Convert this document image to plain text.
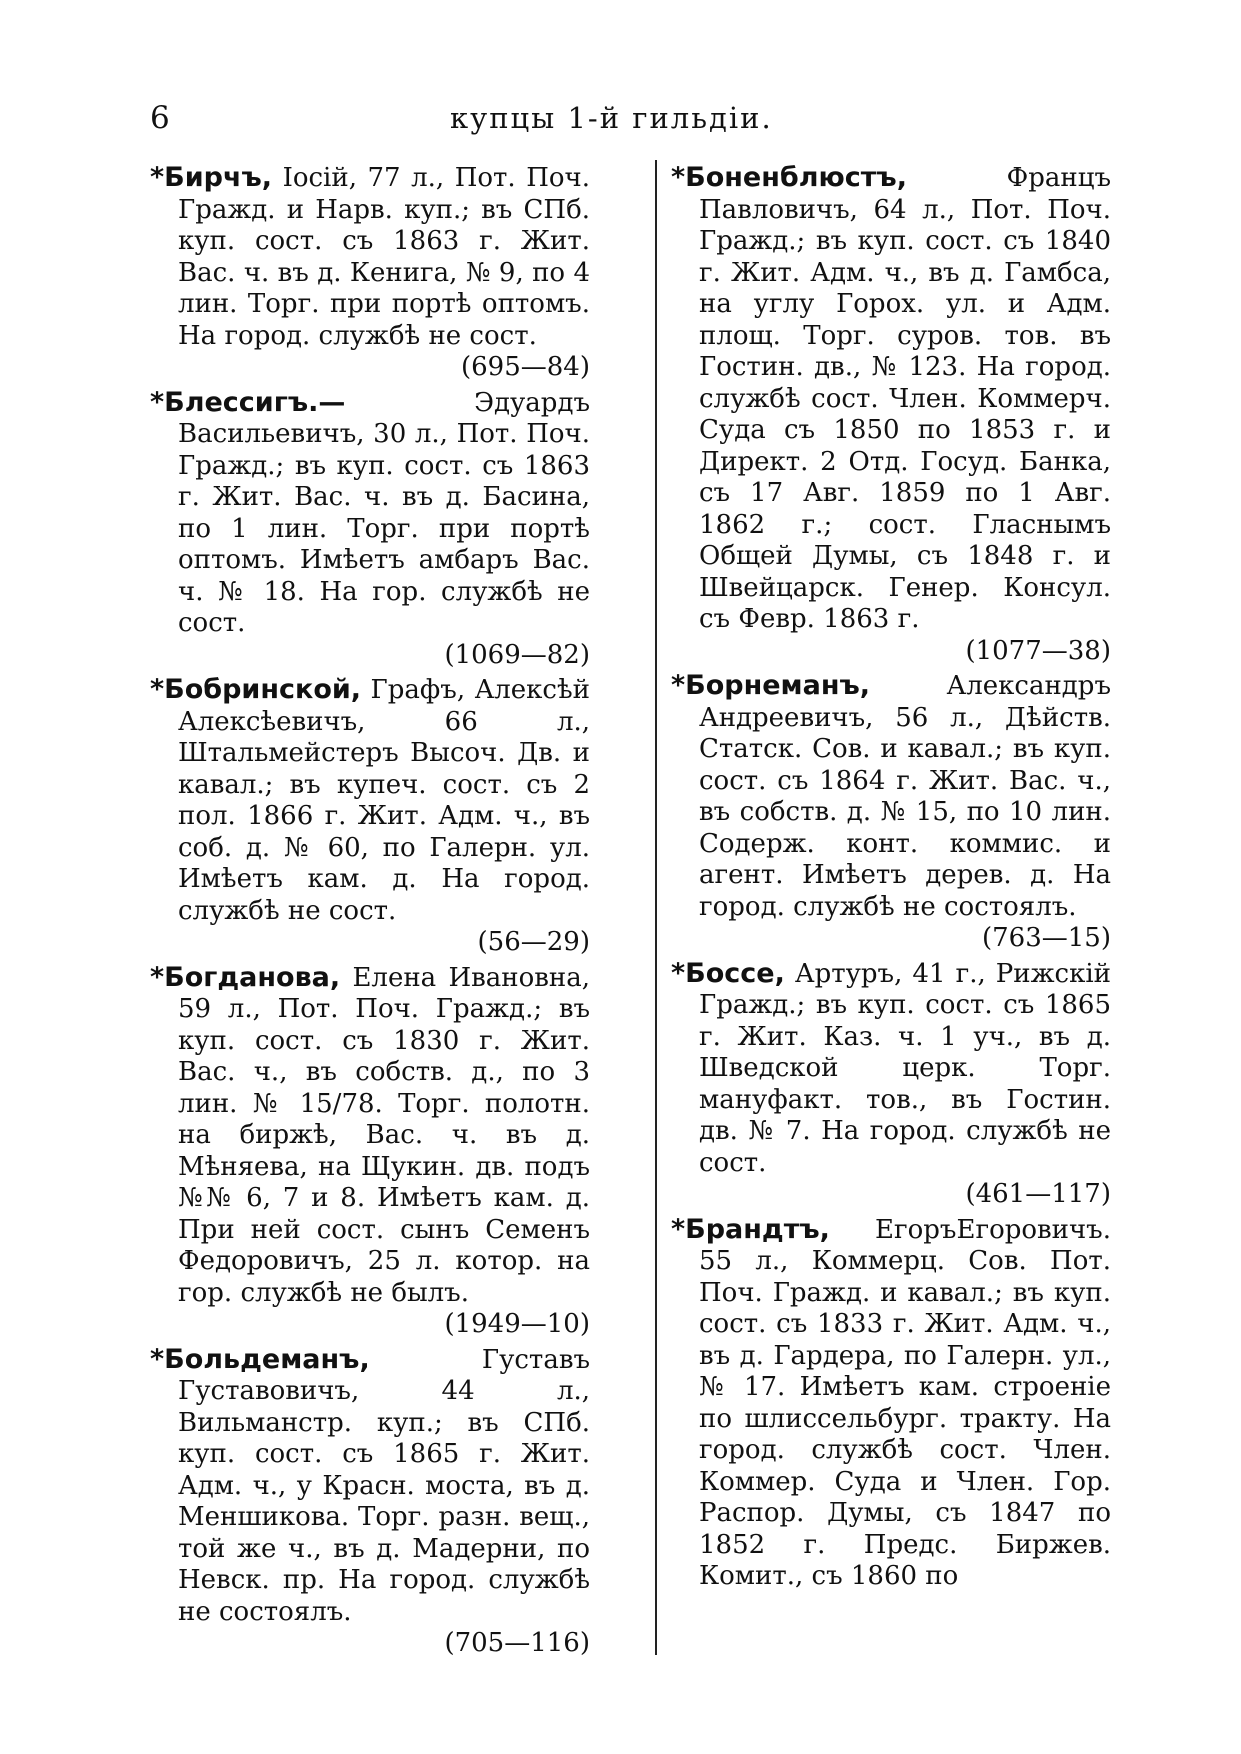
6	купцы 1-й гильдіи.

*Бирчъ, Іосій, 77 л., Пот. Поч. Гражд. и Нарв. куп.; въ СПб. куп. сост. съ 1863 г. Жит. Вас. ч. въ д. Кенига, № 9, по 4 лин. Торг. при портѣ оптомъ. На город. службѣ не сост.
(695—84)

*Блессигъ.— Эдуардъ Васильевичъ, 30 л., Пот. Поч. Гражд.; въ куп. сост. съ 1863 г. Жит. Вас. ч. въ д. Басина, по 1 лин. Торг. при портѣ оптомъ. Имѣетъ амбаръ Вас. ч. № 18. На гор. службѣ не сост.
(1069—82)

*Бобринской, Графъ, Алексѣй Алексѣевичъ, 66 л., Штальмейстеръ Высоч. Дв. и кавал.; въ купеч. сост. съ 2 пол. 1866 г. Жит. Адм. ч., въ соб. д. № 60, по Галерн. ул. Имѣетъ кам. д. На город. службѣ не сост.
(56—29)

*Богданова, Елена Ивановна, 59 л., Пот. Поч. Гражд.; въ куп. сост. съ 1830 г. Жит. Вас. ч., въ собств. д., по 3 лин. № 15/78. Торг. полотн. на биржѣ, Вас. ч. въ д. Мѣняева, на Щукин. дв. подъ №№ 6, 7 и 8. Имѣетъ кам. д. При ней сост. сынъ Семенъ Федоровичъ, 25 л. котор. на гор. службѣ не былъ.
(1949—10)

*Больдеманъ, Густавъ Густавовичъ, 44 л., Вильманстр. куп.; въ СПб. куп. сост. съ 1865 г. Жит. Адм. ч., у Красн. моста, въ д. Меншикова. Торг. разн. вещ., той же ч., въ д. Мадерни, по Невск. пр. На город. службѣ не состоялъ.
(705—116)

*Боненблюстъ, Францъ Павловичъ, 64 л., Пот. Поч. Гражд.; въ куп. сост. съ 1840 г. Жит. Адм. ч., въ д. Гамбса, на углу Горох. ул. и Адм. площ. Торг. суров. тов. въ Гостин. дв., № 123. На город. службѣ сост. Член. Коммерч. Суда съ 1850 по 1853 г. и Директ. 2 Отд. Госуд. Банка, съ 17 Авг. 1859 по 1 Авг. 1862 г.; сост. Гласнымъ Общей Думы, съ 1848 г. и Швейцарск. Генер. Консул. съ Февр. 1863 г.
(1077—38)

*Борнеманъ, Александръ Андреевичъ, 56 л., Дѣйств. Статск. Сов. и кавал.; въ куп. сост. съ 1864 г. Жит. Вас. ч., въ собств. д. № 15, по 10 лин. Содерж. конт. коммис. и агент. Имѣетъ дерев. д. На город. службѣ не состоялъ.
(763—15)

*Боссе, Артуръ, 41 г., Рижскій Гражд.; въ куп. сост. съ 1865 г. Жит. Каз. ч. 1 уч., въ д. Шведской церк. Торг. мануфакт. тов., въ Гостин. дв. № 7. На город. службѣ не сост.
(461—117)

*Брандтъ, ЕгоръЕгоровичъ. 55 л., Коммерц. Сов. Пот. Поч. Гражд. и кавал.; въ куп. сост. съ 1833 г. Жит. Адм. ч., въ д. Гардера, по Галерн. ул., № 17. Имѣетъ кам. строеніе по шлиссельбург. тракту. На город. службѣ сост. Член. Коммер. Суда и Член. Гор. Распор. Думы, съ 1847 по 1852 г. Предс. Биржев. Комит., съ 1860 по
